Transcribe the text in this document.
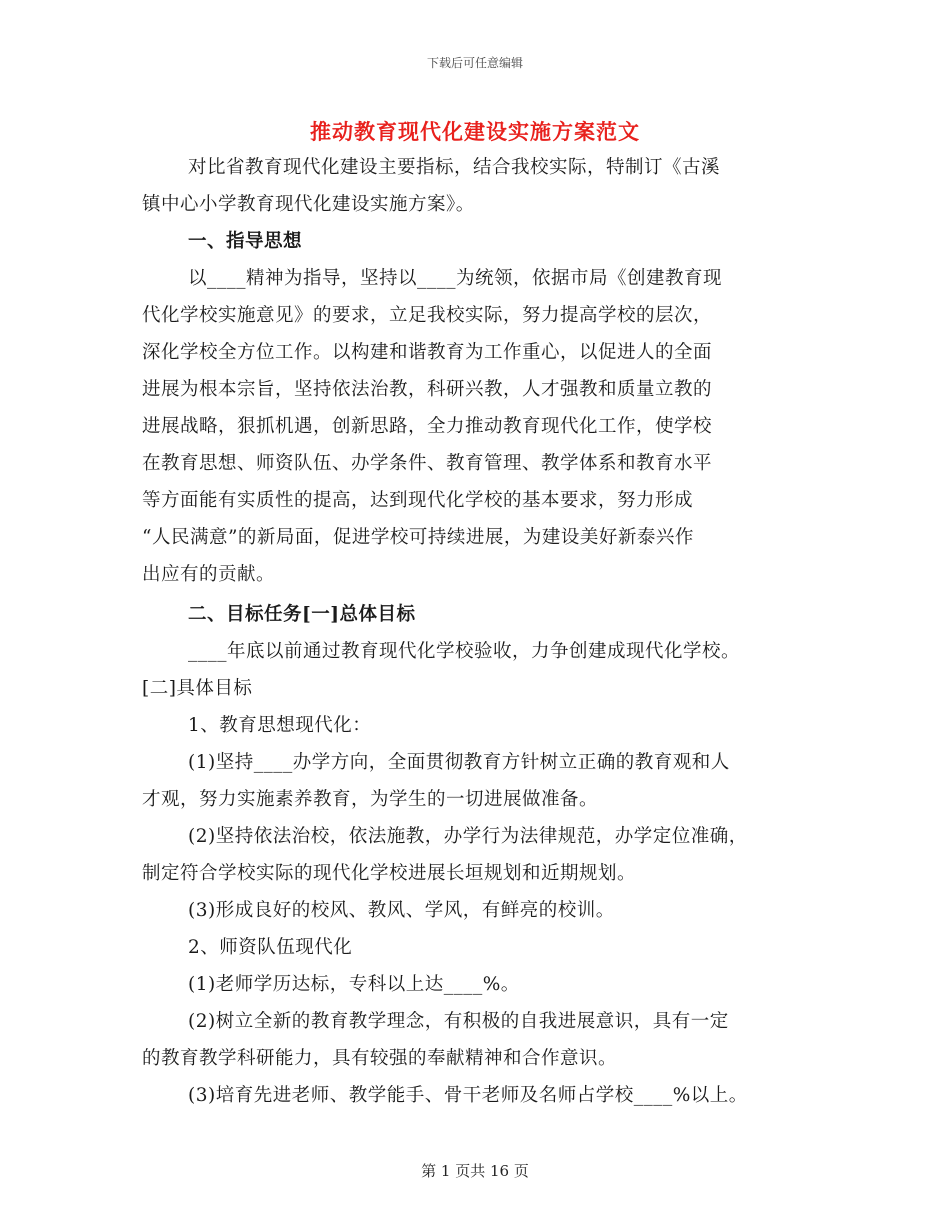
下载后可任意编辑
推动教育现代化建设实施方案范文
对比省教育现代化建设主要指标，结合我校实际，特制订《古溪
镇中心小学教育现代化建设实施方案》。
一、指导思想
以____精神为指导，坚持以____为统领，依据市局《创建教育现
代化学校实施意见》的要求，立足我校实际，努力提高学校的层次，
深化学校全方位工作。以构建和谐教育为工作重心，以促进人的全面
进展为根本宗旨，坚持依法治教，科研兴教，人才强教和质量立教的
进展战略，狠抓机遇，创新思路，全力推动教育现代化工作，使学校
在教育思想、师资队伍、办学条件、教育管理、教学体系和教育水平
等方面能有实质性的提高，达到现代化学校的基本要求，努力形成
“人民满意”的新局面，促进学校可持续进展，为建设美好新泰兴作
出应有的贡献。
二、目标任务[一]总体目标
____年底以前通过教育现代化学校验收，力争创建成现代化学校。
[二]具体目标
1、教育思想现代化：
(1)坚持____办学方向，全面贯彻教育方针树立正确的教育观和人
才观，努力实施素养教育，为学生的一切进展做准备。
(2)坚持依法治校，依法施教，办学行为法律规范，办学定位准确，
制定符合学校实际的现代化学校进展长垣规划和近期规划。
(3)形成良好的校风、教风、学风，有鲜亮的校训。
2、师资队伍现代化
(1)老师学历达标，专科以上达____%。
(2)树立全新的教育教学理念，有积极的自我进展意识，具有一定
的教育教学科研能力，具有较强的奉献精神和合作意识。
(3)培育先进老师、教学能手、骨干老师及名师占学校____%以上。
第 1 页共 16 页
